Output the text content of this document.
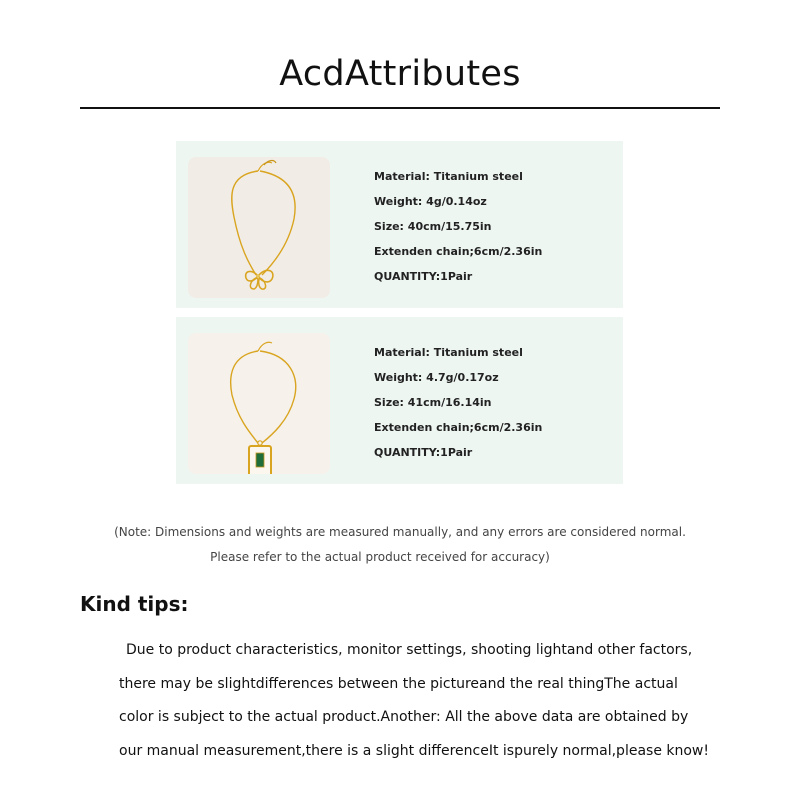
AcdAttributes
Material: Titanium steel
Weight: 4g/0.14oz
Size: 40cm/15.75in
Extenden chain;6cm/2.36in
QUANTITY:1Pair
Material: Titanium steel
Weight: 4.7g/0.17oz
Size: 41cm/16.14in
Extenden chain;6cm/2.36in
QUANTITY:1Pair
(Note: Dimensions and weights are measured manually, and any errors are considered normal.
Please refer to the actual product received for accuracy)
Kind tips:
Due to product characteristics, monitor settings, shooting lightand other factors,
there may be slightdifferences between the pictureand the real thingThe actual
color is subject to the actual product.Another: All the above data are obtained by
our manual measurement,there is a slight differenceIt ispurely normal,please know!
